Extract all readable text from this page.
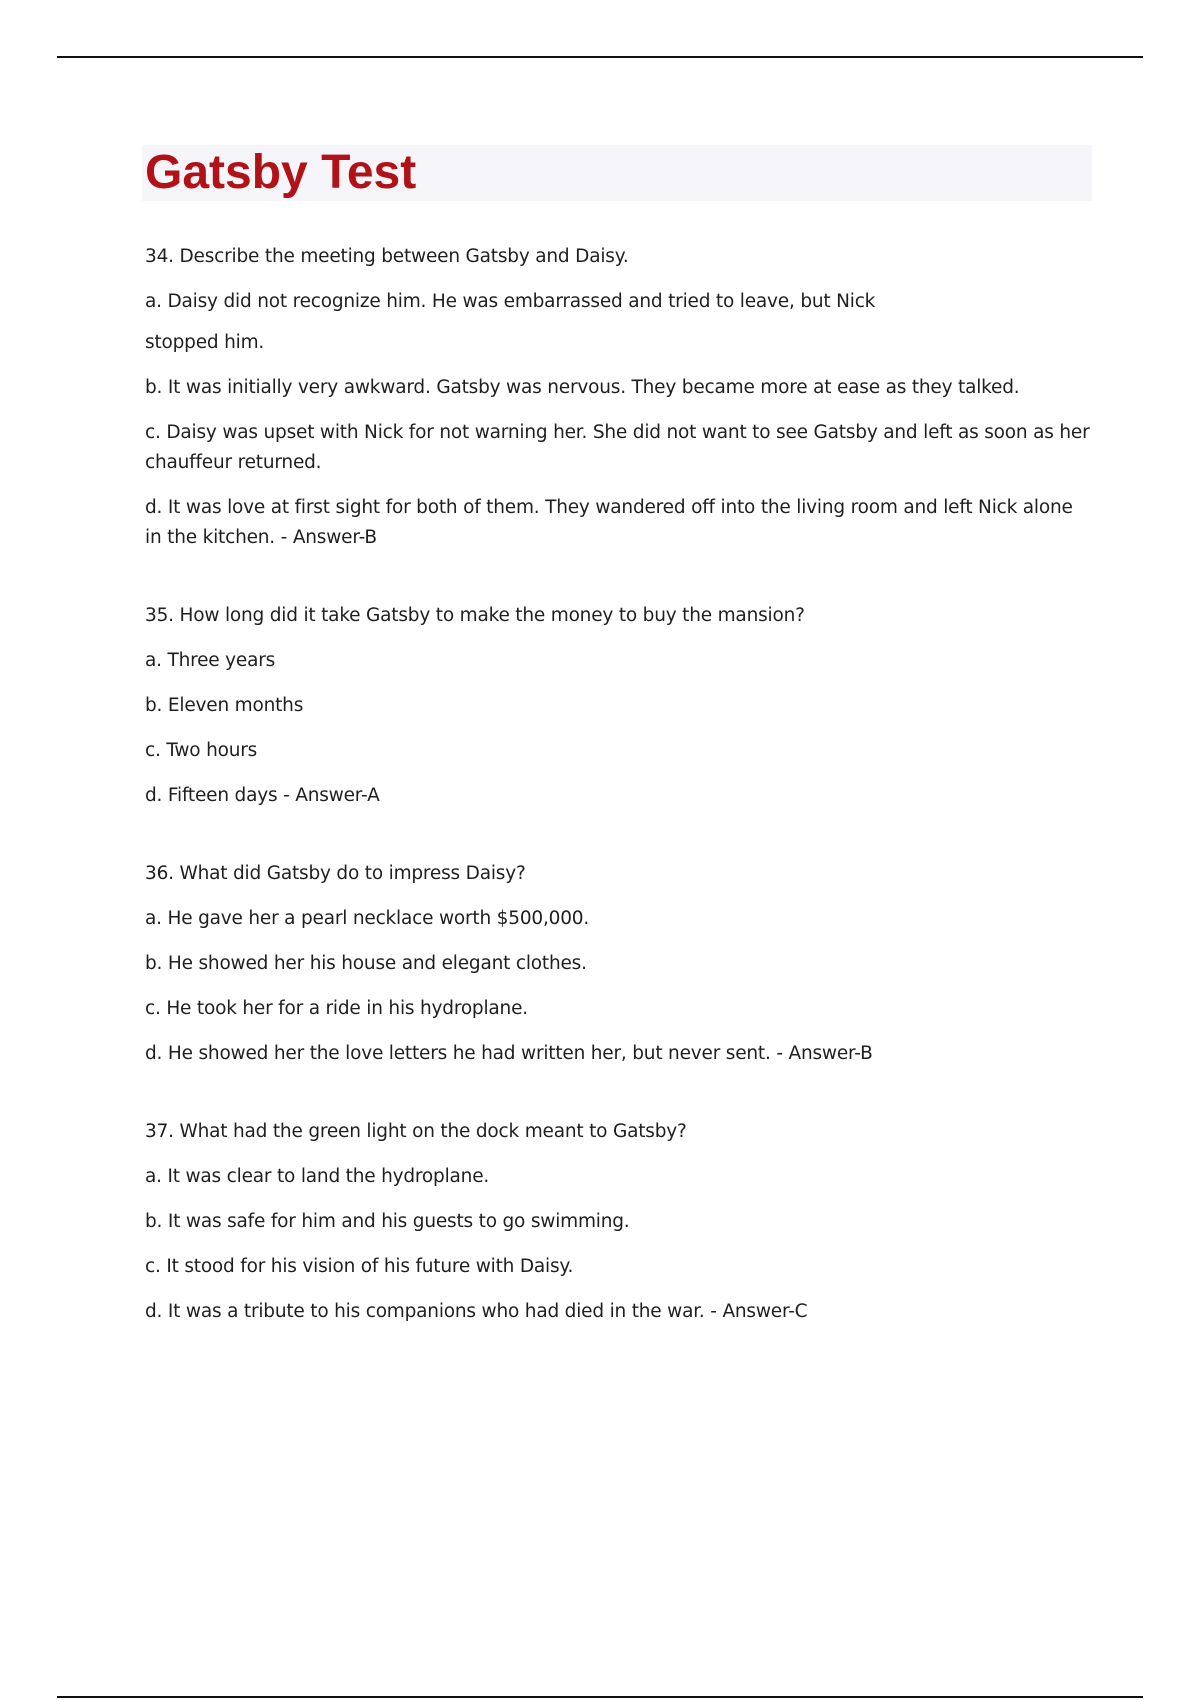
Gatsby Test

34. Describe the meeting between Gatsby and Daisy.

a. Daisy did not recognize him. He was embarrassed and tried to leave, but Nick

stopped him.

b. It was initially very awkward. Gatsby was nervous. They became more at ease as they talked.

c. Daisy was upset with Nick for not warning her. She did not want to see Gatsby and left as soon as her chauffeur returned.

d. It was love at first sight for both of them. They wandered off into the living room and left Nick alone in the kitchen. - Answer-B

35. How long did it take Gatsby to make the money to buy the mansion?

a. Three years

b. Eleven months

c. Two hours

d. Fifteen days - Answer-A

36. What did Gatsby do to impress Daisy?

a. He gave her a pearl necklace worth $500,000.

b. He showed her his house and elegant clothes.

c. He took her for a ride in his hydroplane.

d. He showed her the love letters he had written her, but never sent. - Answer-B

37. What had the green light on the dock meant to Gatsby?

a. It was clear to land the hydroplane.

b. It was safe for him and his guests to go swimming.

c. It stood for his vision of his future with Daisy.

d. It was a tribute to his companions who had died in the war. - Answer-C
